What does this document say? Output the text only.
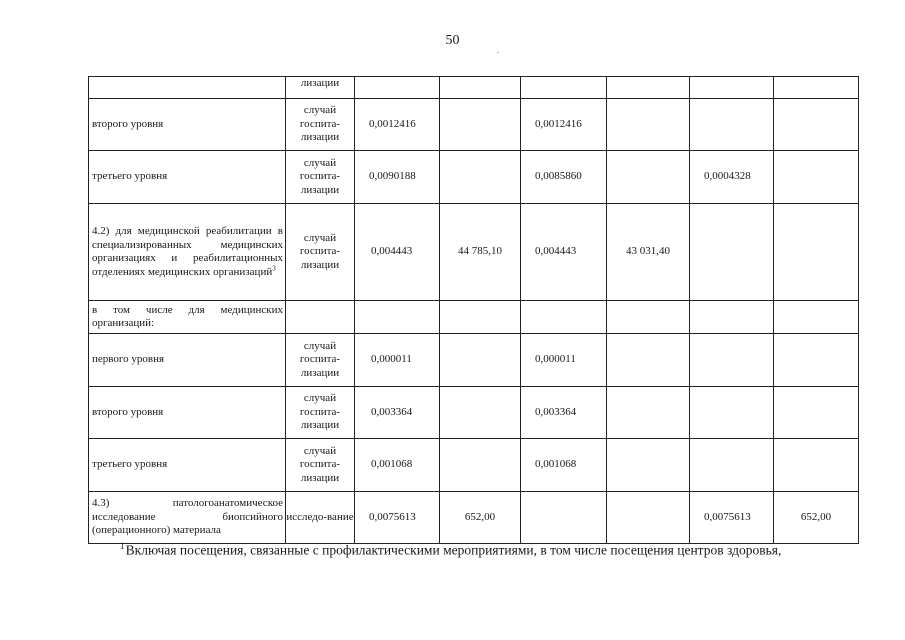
50
	лизации						
второго уровня	случай госпита-лизации	0,0012416		0,0012416			
третьего уровня	случай госпита-лизации	0,0090188		0,0085860		0,0004328	
4.2) для медицинской реабилитации в специализированных медицинских организациях и реабилитационных отделениях медицинских организаций$^3$	случай госпита-лизации	0,004443	44 785,10	0,004443	43 031,40		
в том числе для медицинских организаций:							
первого уровня	случай госпита-лизации	0,000011		0,000011			
второго уровня	случай госпита-лизации	0,003364		0,003364			
третьего уровня	случай госпита-лизации	0,001068		0,001068			
4.3) патологоанатомическое исследование биопсийного (операционного) материала	исследо-вание	0,0075613	652,00			0,0075613	652,00
$^1$ Включая посещения, связанные с профилактическими мероприятиями, в том числе посещения центров здоровья,
